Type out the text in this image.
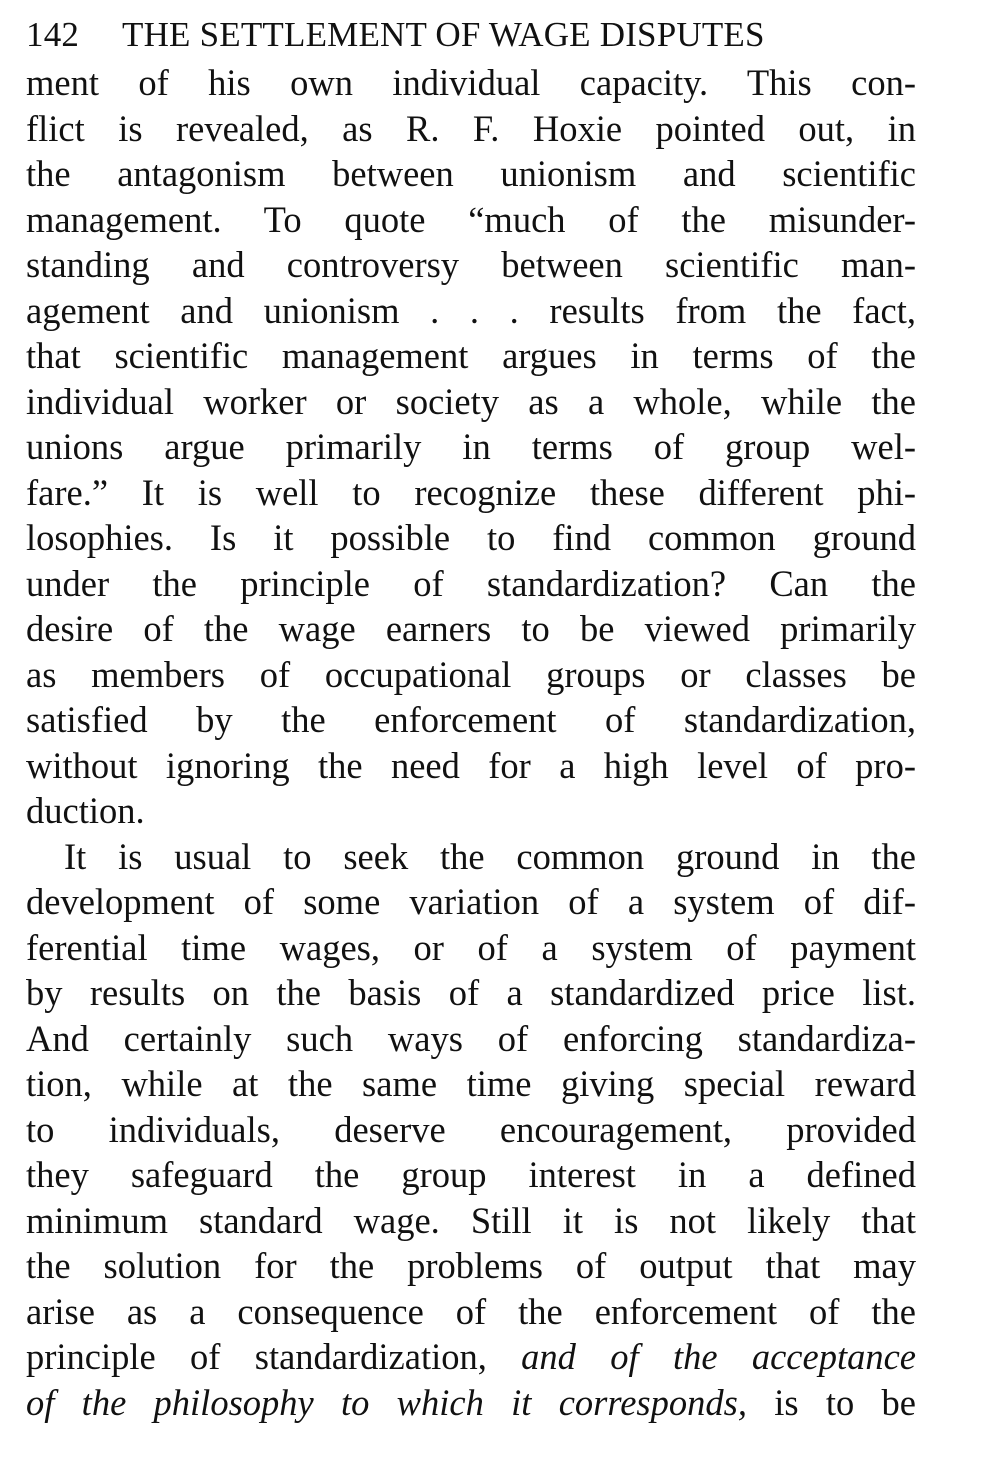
142	THE SETTLEMENT OF WAGE DISPUTES
ment of his own individual capacity. This con-
flict is revealed, as R. F. Hoxie pointed out, in
the antagonism between unionism and scientific
management. To quote “much of the misunder-
standing and controversy between scientific man-
agement and unionism . . . results from the fact,
that scientific management argues in terms of the
individual worker or society as a whole, while the
unions argue primarily in terms of group wel-
fare.” It is well to recognize these different phi-
losophies. Is it possible to find common ground
under the principle of standardization? Can the
desire of the wage earners to be viewed primarily
as members of occupational groups or classes be
satisfied by the enforcement of standardization,
without ignoring the need for a high level of pro-
duction.
It is usual to seek the common ground in the
development of some variation of a system of dif-
ferential time wages, or of a system of payment
by results on the basis of a standardized price list.
And certainly such ways of enforcing standardiza-
tion, while at the same time giving special reward
to individuals, deserve encouragement, provided
they safeguard the group interest in a defined
minimum standard wage. Still it is not likely that
the solution for the problems of output that may
arise as a consequence of the enforcement of the
principle of standardization, and of the acceptance
of the philosophy to which it corresponds, is to be
